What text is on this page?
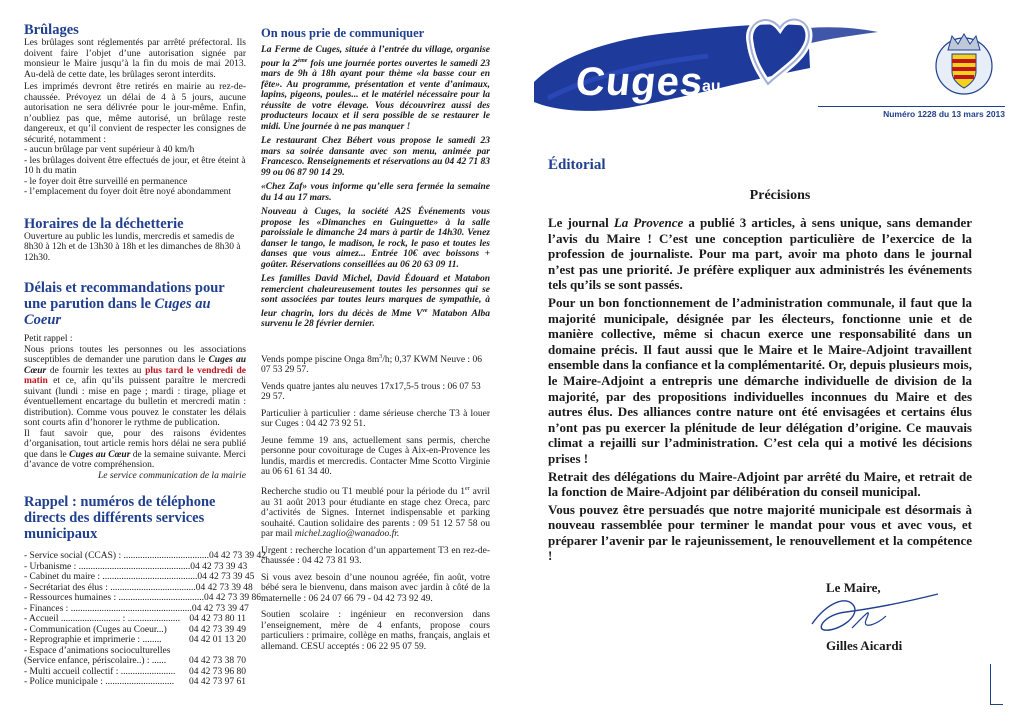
Brûlages

Les brûlages sont réglementés par arrêté préfectoral. Ils doivent faire l’objet d’une autorisation signée par monsieur le Maire jusqu’à la fin du mois de mai 2013. Au-delà de cette date, les brûlages seront interdits.

Les imprimés devront être retirés en mairie au rez-de-chaussée. Prévoyez un délai de 4 à 5 jours, aucune autorisation ne sera délivrée pour le jour-même. Enfin, n’oubliez pas que, même autorisé, un brûlage reste dangereux, et qu’il convient de respecter les consignes de sécurité, notamment :

- aucun brûlage par vent supérieur à 40 km/h

- les brûlages doivent être effectués de jour, et être éteint à 10 h du matin

- le foyer doit être surveillé en permanence

- l’emplacement du foyer doit être noyé abondamment

Horaires de la déchetterie

Ouverture au public les lundis, mercredis et samedis de 8h30 à 12h et de 13h30 à 18h et les dimanches de 8h30 à 12h30.

Délais et recommandations pour une parution dans le Cuges au Coeur

Petit rappel :

Nous prions toutes les personnes ou les associations susceptibles de demander une parution dans le Cuges au Cœur de fournir les textes au plus tard le vendredi de matin et ce, afin qu’ils puissent paraître le mercredi suivant (lundi : mise en page ; mardi : tirage, pliage et éventuellement encartage du bulletin et mercredi matin : distribution). Comme vous pouvez le constater les délais sont courts afin d’honorer le rythme de publication.

Il faut savoir que, pour des raisons évidentes d’organisation, tout article remis hors délai ne sera publié que dans le Cuges au Cœur de la semaine suivante. Merci d’avance de votre compréhension.

Le service communication de la mairie

Rappel : numéros de téléphone directs des différents services municipaux
- Service social (CCAS) : .................................... 04 42 73 39 42
- Urbanisme : ............................................... 04 42 73 39 43
- Cabinet du maire : ........................................ 04 42 73 39 45
- Secrétariat des élus : .................................... 04 42 73 39 48
- Ressources humaines : .................................... 04 42 73 39 86
- Finances : ................................................... 04 42 73 39 47
- Accueil ......................... : ...................... 04 42 73 80 11
- Communication (Cuges au Coeur...)	04 42 73 39 49
- Reprographie et imprimerie : ........	04 42 01 13 20
- Espace d’animations socioculturelles
(Service enfance, périscolaire..) : ......	04 42 73 38 70
- Multi accueil collectif : .......................	04 42 73 96 80
- Police municipale : .............................	04 42 73 97 61
On nous prie de communiquer

La Ferme de Cuges, située à l’entrée du village, organise pour la 2ème fois une journée portes ouvertes le samedi 23 mars de 9h à 18h ayant pour thème «la basse cour en fête». Au programme, présentation et vente d’animaux, lapins, pigeons, poules... et le matériel nécessaire pour la réussite de votre élevage. Vous découvrirez aussi des producteurs locaux et il sera possible de se restaurer le midi. Une journée à ne pas manquer !

Le restaurant Chez Bébert vous propose le samedi 23 mars sa soirée dansante avec son menu, animée par Francesco. Renseignements et réservations au 04 42 71 83 99 ou 06 87 90 14 29.

«Chez Zaf» vous informe qu’elle sera fermée la semaine du 14 au 17 mars.

Nouveau à Cuges, la société A2S Événements vous propose les «Dimanches en Guinguette» à la salle paroissiale le dimanche 24 mars à partir de 14h30. Venez danser le tango, le madison, le rock, le paso et toutes les danses que vous aimez... Entrée 10€ avec boissons + goûter. Réservations conseillées au 06 20 63 09 11.

Les familles David Michel, David Édouard et Matabon remercient chaleureusement toutes les personnes qui se sont associées par toutes leurs marques de sympathie, à leur chagrin, lors du décès de Mme $V^{ve}$ Matabon Alba survenu le 28 février dernier.

Vends pompe piscine Onga $8m^3/h$; 0,37 KWM Neuve : 06 07 53 29 57.

Vends quatre jantes alu neuves 17x17,5-5 trous : 06 07 53 29 57.

Particulier à particulier : dame sérieuse cherche T3 à louer sur Cuges : 04 42 73 92 51.

Jeune femme 19 ans, actuellement sans permis, cherche personne pour covoiturage de Cuges à Aix-en-Provence les lundis, mardis et mercredis. Contacter Mme Scotto Virginie au 06 61 61 34 40.

Recherche studio ou T1 meublé pour la période du 1er avril au 31 août 2013 pour étudiante en stage chez Oreca, parc d’activités de Signes. Internet indispensable et parking souhaité. Caution solidaire des parents : 09 51 12 57 58 ou par mail michel.zaglio@wanadoo.fr.

Urgent : recherche location d’un appartement T3 en rez-de-chaussée : 04 42 73 81 93.

Si vous avez besoin d’une nounou agréée, fin août, votre bébé sera le bienvenu, dans maison avec jardin à côté de la maternelle : 06 24 07 66 79 - 04 42 73 92 49.

Soutien scolaire : ingénieur en reconversion dans l’enseignement, mère de 4 enfants, propose cours particuliers : primaire, collège en maths, français, anglais et allemand. CESU acceptés : 06 22 95 07 59.

Cuges
au
Numéro 1228 du 13 mars 2013
Éditorial
Précisions

Le journal La Provence a publié 3 articles, à sens unique, sans demander l’avis du Maire ! C’est une conception particulière de l’exercice de la profession de journaliste. Pour ma part, avoir ma photo dans le journal n’est pas une priorité. Je préfère expliquer aux administrés les événements tels qu’ils se sont passés.

Pour un bon fonctionnement de l’administration communale, il faut que la majorité municipale, désignée par les électeurs, fonctionne unie et de manière collective, même si chacun exerce une responsabilité dans un domaine précis. Il faut aussi que le Maire et le Maire-Adjoint travaillent ensemble dans la confiance et la complémentarité. Or, depuis plusieurs mois, le Maire-Adjoint a entrepris une démarche individuelle de division de la majorité, par des propositions individuelles inconnues du Maire et des autres élus. Des alliances contre nature ont été envisagées et certains élus n’ont pas pu exercer la plénitude de leur délégation d’origine. Ce mauvais climat a rejailli sur l’administration. C’est cela qui a motivé les décisions prises !

Retrait des délégations du Maire-Adjoint par arrêté du Maire, et retrait de la fonction de Maire-Adjoint par délibération du conseil municipal.

Vous pouvez être persuadés que notre majorité municipale est désormais à nouveau rassemblée pour terminer le mandat pour vous et avec vous, et préparer l’avenir par le rajeunissement, le renouvellement et la compétence !

Le Maire,
Gilles Aicardi
